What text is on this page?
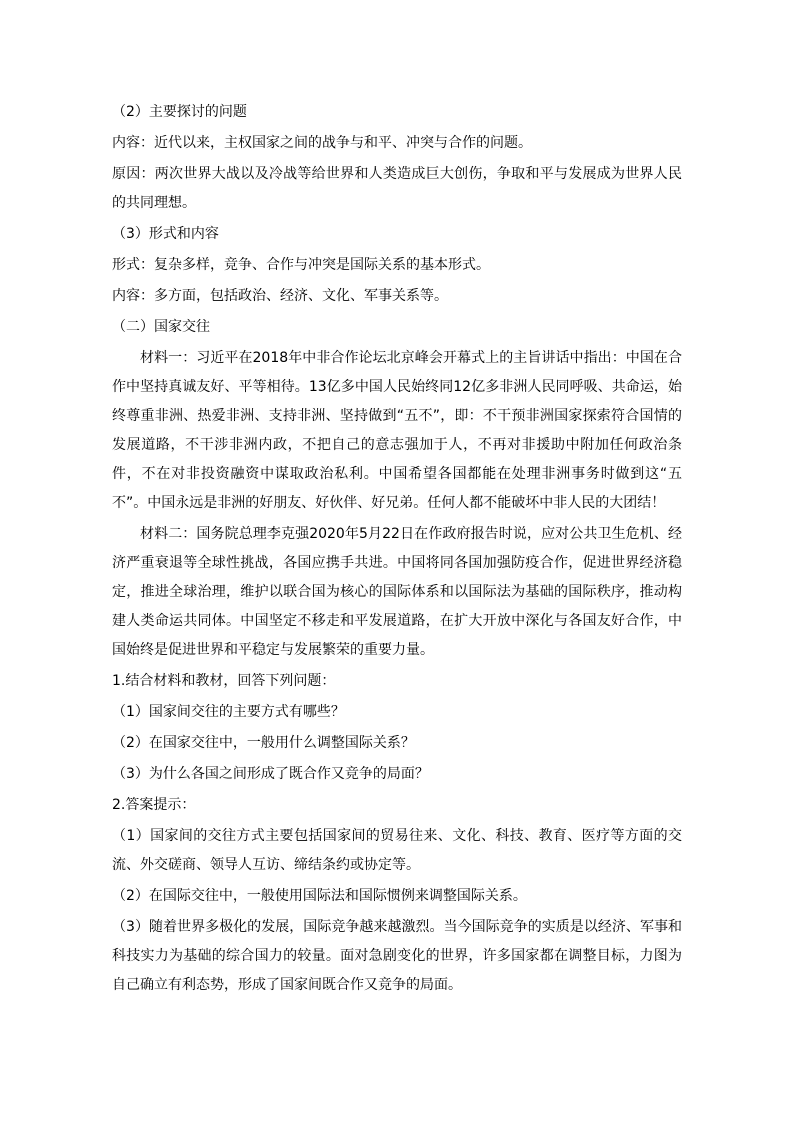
（2）主要探讨的问题

内容：近代以来，主权国家之间的战争与和平、冲突与合作的问题。

原因：两次世界大战以及冷战等给世界和人类造成巨大创伤，争取和平与发展成为世界人民的共同理想。

（3）形式和内容

形式：复杂多样，竞争、合作与冲突是国际关系的基本形式。

内容：多方面，包括政治、经济、文化、军事关系等。

（二）国家交往

材料一：习近平在2018年中非合作论坛北京峰会开幕式上的主旨讲话中指出：中国在合作中坚持真诚友好、平等相待。13亿多中国人民始终同12亿多非洲人民同呼吸、共命运，始终尊重非洲、热爱非洲、支持非洲、坚持做到“五不”，即：不干预非洲国家探索符合国情的发展道路，不干涉非洲内政，不把自己的意志强加于人，不再对非援助中附加任何政治条件，不在对非投资融资中谋取政治私利。中国希望各国都能在处理非洲事务时做到这“五不”。中国永远是非洲的好朋友、好伙伴、好兄弟。任何人都不能破坏中非人民的大团结！

材料二：国务院总理李克强2020年5月22日在作政府报告时说，应对公共卫生危机、经济严重衰退等全球性挑战，各国应携手共进。中国将同各国加强防疫合作，促进世界经济稳定，推进全球治理，维护以联合国为核心的国际体系和以国际法为基础的国际秩序，推动构建人类命运共同体。中国坚定不移走和平发展道路，在扩大开放中深化与各国友好合作，中国始终是促进世界和平稳定与发展繁荣的重要力量。

1.结合材料和教材，回答下列问题：

（1）国家间交往的主要方式有哪些？

（2）在国家交往中，一般用什么调整国际关系？

（3）为什么各国之间形成了既合作又竞争的局面？

2.答案提示：

（1）国家间的交往方式主要包括国家间的贸易往来、文化、科技、教育、医疗等方面的交流、外交磋商、领导人互访、缔结条约或协定等。

（2）在国际交往中，一般使用国际法和国际惯例来调整国际关系。

（3）随着世界多极化的发展，国际竞争越来越激烈。当今国际竞争的实质是以经济、军事和科技实力为基础的综合国力的较量。面对急剧变化的世界，许多国家都在调整目标，力图为自己确立有利态势，形成了国家间既合作又竞争的局面。
